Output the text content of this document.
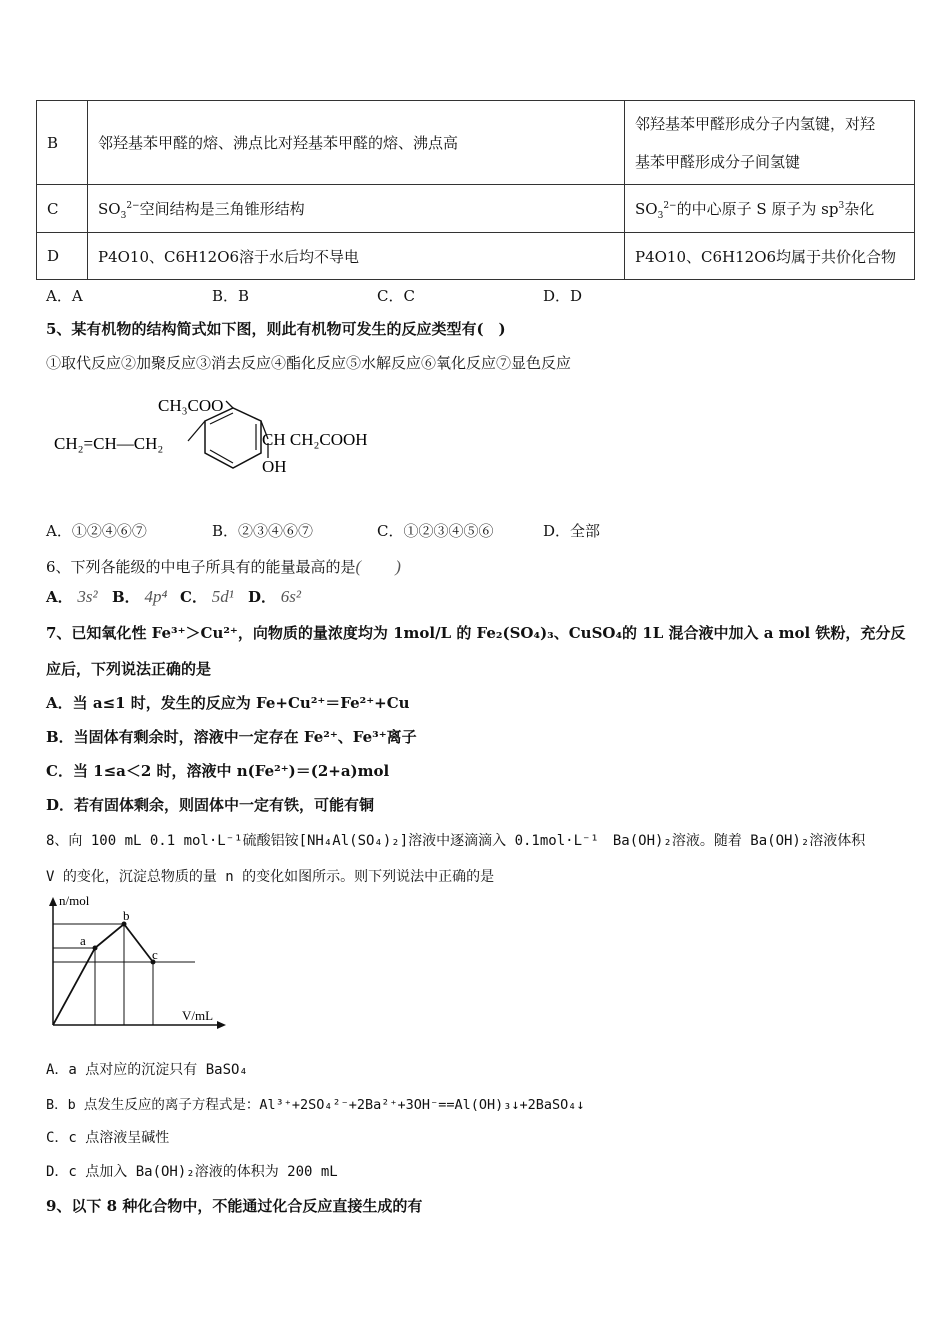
B	邻羟基苯甲醛的熔、沸点比对羟基苯甲醛的熔、沸点高	邻羟基苯甲醛形成分子内氢键，对羟
基苯甲醛形成分子间氢键

C	$SO_3^{2-}$空间结构是三角锥形结构	$SO_3^{2-}$的中心原子 S 原子为 $sp^3$杂化
D	P4O10、C6H12O6溶于水后均不导电	P4O10、C6H12O6均属于共价化合物
A．A	B．B	C．C	D．D
5、某有机物的结构简式如下图，则此有机物可发生的反应类型有(　)
①取代反应②加聚反应③消去反应④酯化反应⑤水解反应⑥氧化反应⑦显色反应
CH₃COO
CH₂=CH—CH₂	CH CH₂COOH
OH
A．①②④⑥⑦	B．②③④⑥⑦	C．①②③④⑤⑥	D．全部
6、下列各能级的中电子所具有的能量最高的是(　　)
A． 3s² B． 4p⁴ C． 5d¹ D． 6s²
7、已知氧化性 Fe³⁺＞Cu²⁺，向物质的量浓度均为 1mol/L 的 Fe₂(SO₄)₃、CuSO₄的 1L 混合液中加入 a mol 铁粉，充分反
应后，下列说法正确的是
A．当 a≤1 时，发生的反应为 Fe+Cu²⁺＝Fe²⁺+Cu
B．当固体有剩余时，溶液中一定存在 Fe²⁺、Fe³⁺离子
C．当 1≤a＜2 时，溶液中 n(Fe²⁺)＝(2+a)mol
D．若有固体剩余，则固体中一定有铁，可能有铜
8、向 100 mL 0.1 mol·L⁻¹硫酸铝铵[NH₄Al(SO₄)₂]溶液中逐滴滴入 0.1mol·L⁻¹　Ba(OH)₂溶液。随着 Ba(OH)₂溶液体积
V 的变化，沉淀总物质的量 n 的变化如图所示。则下列说法中正确的是
a
b
c
n/mol
V/mL
A．a 点对应的沉淀只有 BaSO₄
B．b 点发生反应的离子方程式是：Al³⁺+2SO₄²⁻+2Ba²⁺+3OH⁻==Al(OH)₃↓+2BaSO₄↓
C．c 点溶液呈碱性
D．c 点加入 Ba(OH)₂溶液的体积为 200 mL
9、以下 8 种化合物中，不能通过化合反应直接生成的有
